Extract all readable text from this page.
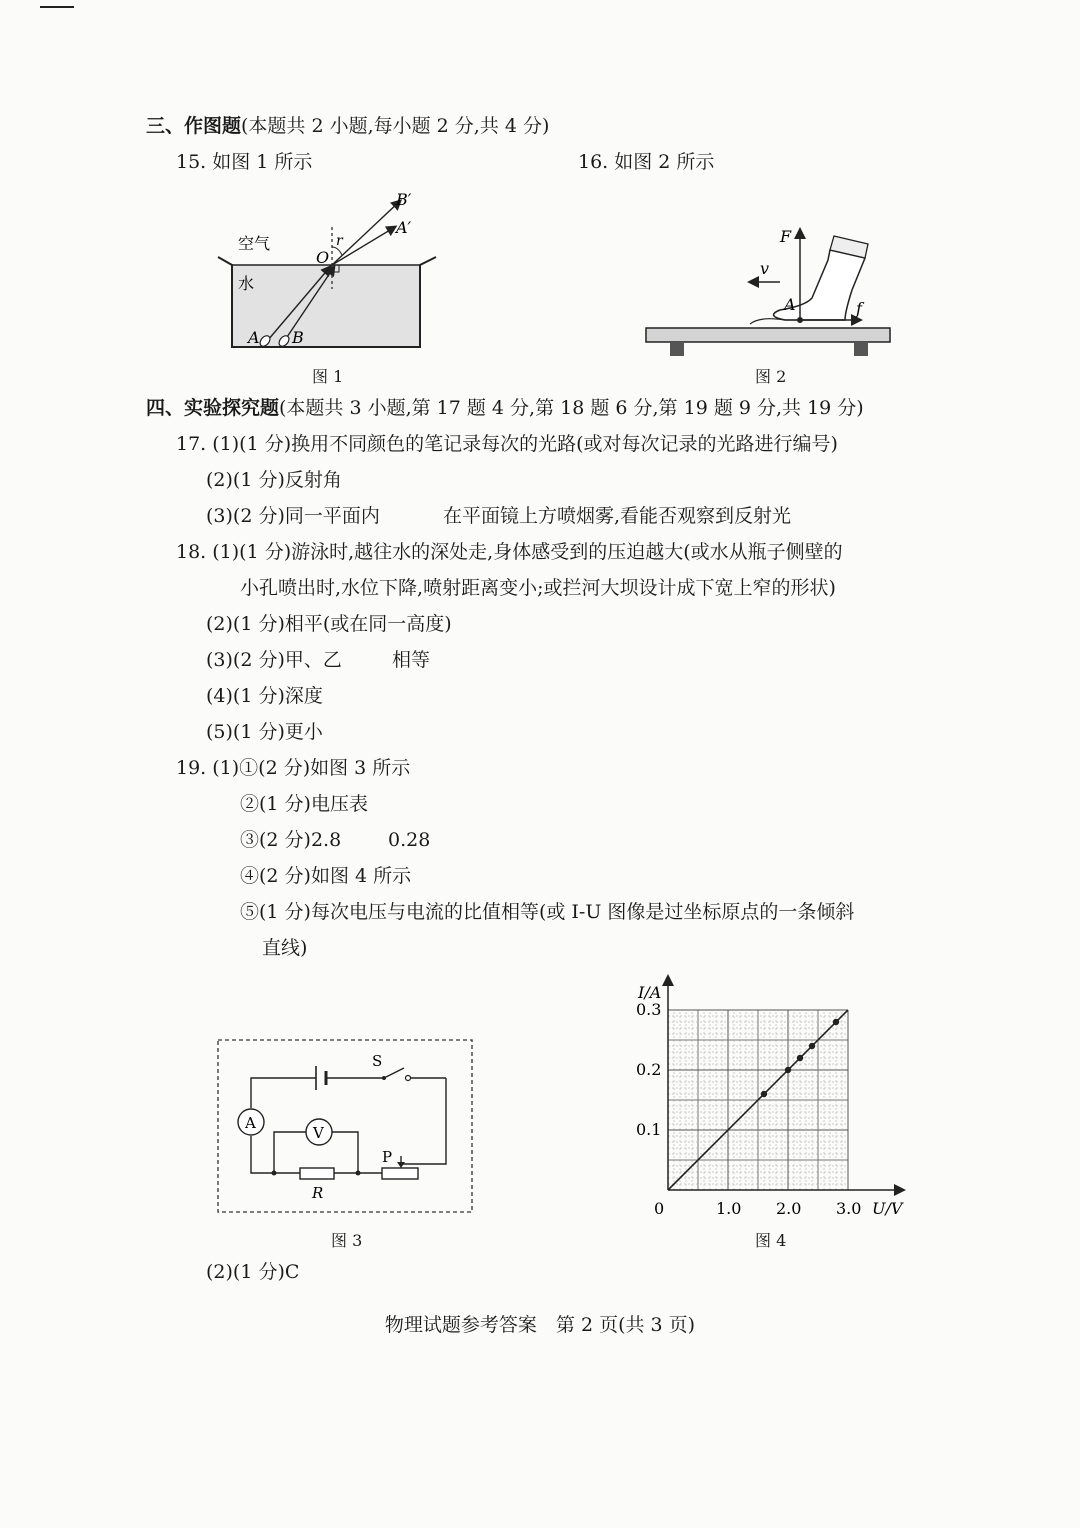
三、作图题(本题共 2 小题,每小题 2 分,共 4 分)
15. 如图 1 所示	16. 如图 2 所示
空气
水
O
r
A B
A′
B′
图 1
F
v
A	f
图 2
四、实验探究题(本题共 3 小题,第 17 题 4 分,第 18 题 6 分,第 19 题 9 分,共 19 分)
17. (1)(1 分)换用不同颜色的笔记录每次的光路(或对每次记录的光路进行编号)
(2)(1 分)反射角
(3)(2 分)同一平面内	在平面镜上方喷烟雾,看能否观察到反射光
18. (1)(1 分)游泳时,越往水的深处走,身体感受到的压迫越大(或水从瓶子侧壁的
小孔喷出时,水位下降,喷射距离变小;或拦河大坝设计成下宽上窄的形状)
(2)(1 分)相平(或在同一高度)
(3)(2 分)甲、乙	相等
(4)(1 分)深度
(5)(1 分)更小
19. (1)①(2 分)如图 3 所示
②(1 分)电压表
③(2 分)2.8 0.28
④(2 分)如图 4 所示
⑤(1 分)每次电压与电流的比值相等(或 I-U 图像是过坐标原点的一条倾斜
直线)
A
V
S
P
R
图 3
0	1.0 2.0 3.0
0.1
0.2
0.3
U/V
I/A
图 4
(2)(1 分)C
物理试题参考答案　第 2 页(共 3 页)
